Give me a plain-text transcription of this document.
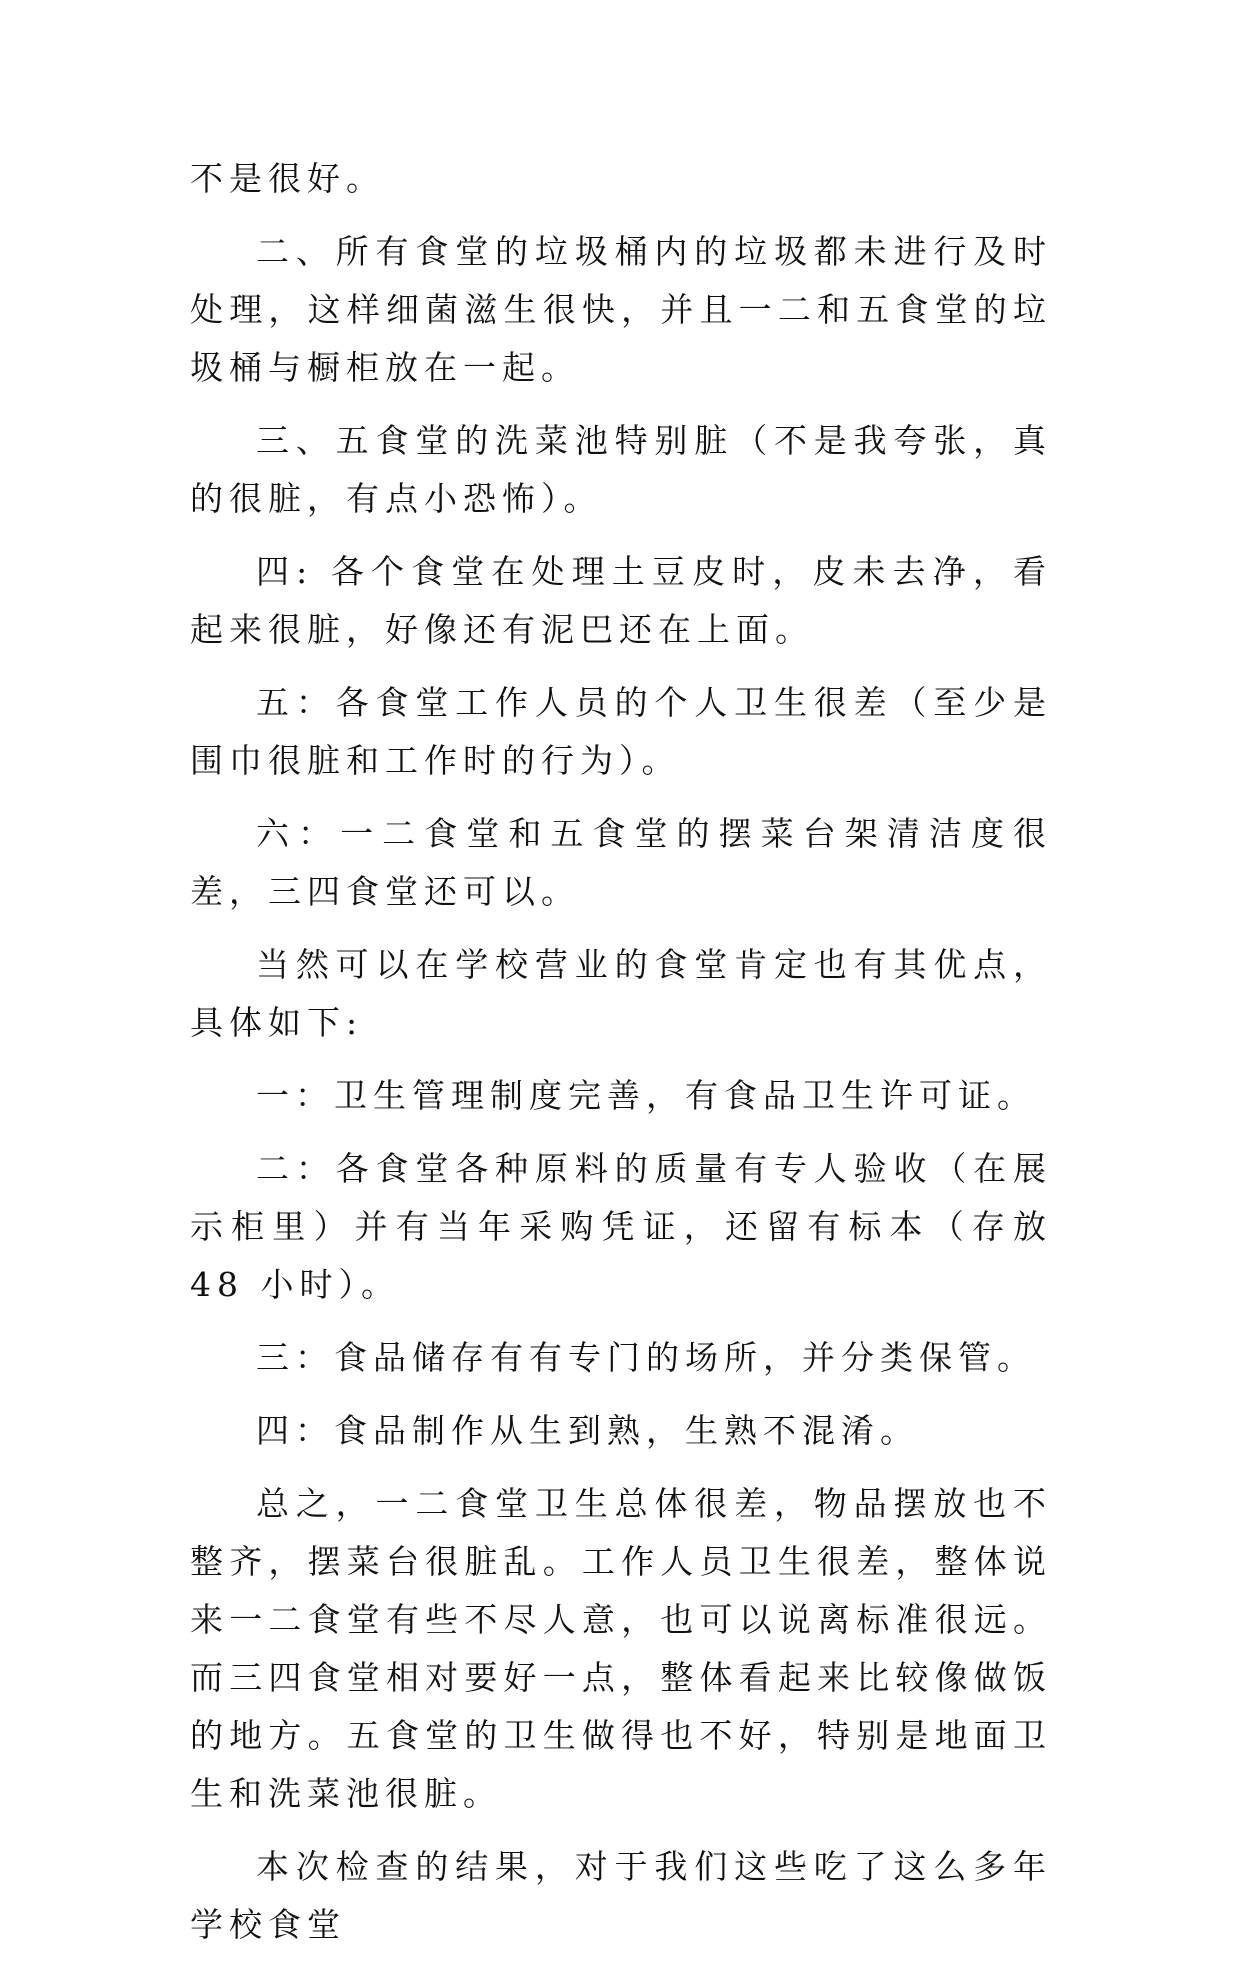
不是很好。

二、所有食堂的垃圾桶内的垃圾都未进行及时处理，这样细菌滋生很快，并且一二和五食堂的垃圾桶与橱柜放在一起。

三、五食堂的洗菜池特别脏（不是我夸张，真的很脏，有点小恐怖）。

四: 各个食堂在处理土豆皮时，皮未去净，看起来很脏，好像还有泥巴还在上面。

五：各食堂工作人员的个人卫生很差（至少是围巾很脏和工作时的行为）。

六：一二食堂和五食堂的摆菜台架清洁度很差，三四食堂还可以。

当然可以在学校营业的食堂肯定也有其优点，具体如下:

一：卫生管理制度完善，有食品卫生许可证。

二：各食堂各种原料的质量有专人验收（在展示柜里）并有当年采购凭证，还留有标本（存放 48 小时）。

三：食品储存有有专门的场所，并分类保管。

四：食品制作从生到熟，生熟不混淆。

总之，一二食堂卫生总体很差，物品摆放也不整齐，摆菜台很脏乱。工作人员卫生很差，整体说来一二食堂有些不尽人意，也可以说离标准很远。而三四食堂相对要好一点，整体看起来比较像做饭的地方。五食堂的卫生做得也不好，特别是地面卫生和洗菜池很脏。

本次检查的结果，对于我们这些吃了这么多年学校食堂
